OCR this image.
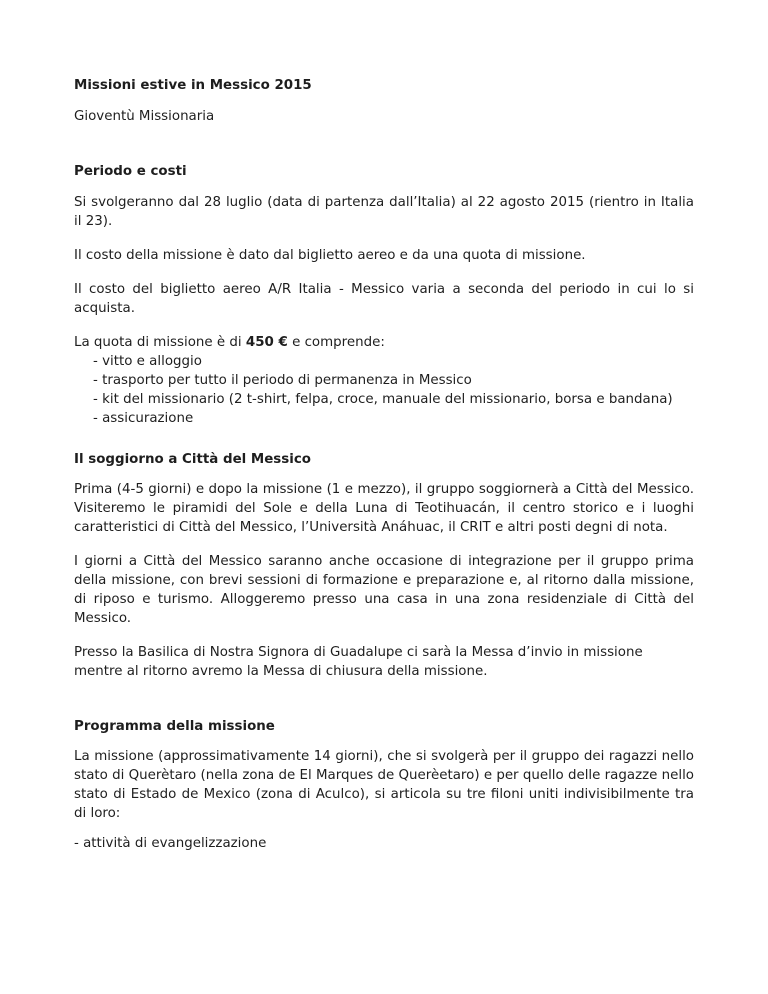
Missioni estive in Messico 2015

Gioventù Missionaria

Periodo e costi

Si svolgeranno dal 28 luglio (data di partenza dall’Italia) al 22 agosto 2015 (rientro in Italia il 23).

Il costo della missione è dato dal biglietto aereo e da una quota di missione.

Il costo del biglietto aereo A/R Italia - Messico varia a seconda del periodo in cui lo si acquista.

La quota di missione è di 450 € e comprende:

- vitto e alloggio
- trasporto per tutto il periodo di permanenza in Messico
- kit del missionario (2 t-shirt, felpa, croce, manuale del missionario, borsa e bandana)
- assicurazione

Il soggiorno a Città del Messico

Prima (4-5 giorni) e dopo la missione (1 e mezzo), il gruppo soggiornerà a Città del Messico. Visiteremo le piramidi del Sole e della Luna di Teotihuacán, il centro storico e i luoghi caratteristici di Città del Messico, l’Università Anáhuac, il CRIT e altri posti degni di nota.

I giorni a Città del Messico saranno anche occasione di integrazione per il gruppo prima della missione, con brevi sessioni di formazione e preparazione e, al ritorno dalla missione, di riposo e turismo. Alloggeremo presso una casa in una zona residenziale di Città del Messico.

Presso la Basilica di Nostra Signora di Guadalupe ci sarà la Messa d’invio in missione
mentre al ritorno avremo la Messa di chiusura della missione.

Programma della missione

La missione (approssimativamente 14 giorni), che si svolgerà per il gruppo dei ragazzi nello stato di Querètaro (nella zona de El Marques de Querèetaro) e per quello delle ragazze nello stato di Estado de Mexico (zona di Aculco), si articola su tre filoni uniti indivisibilmente tra di loro:

- attività di evangelizzazione
